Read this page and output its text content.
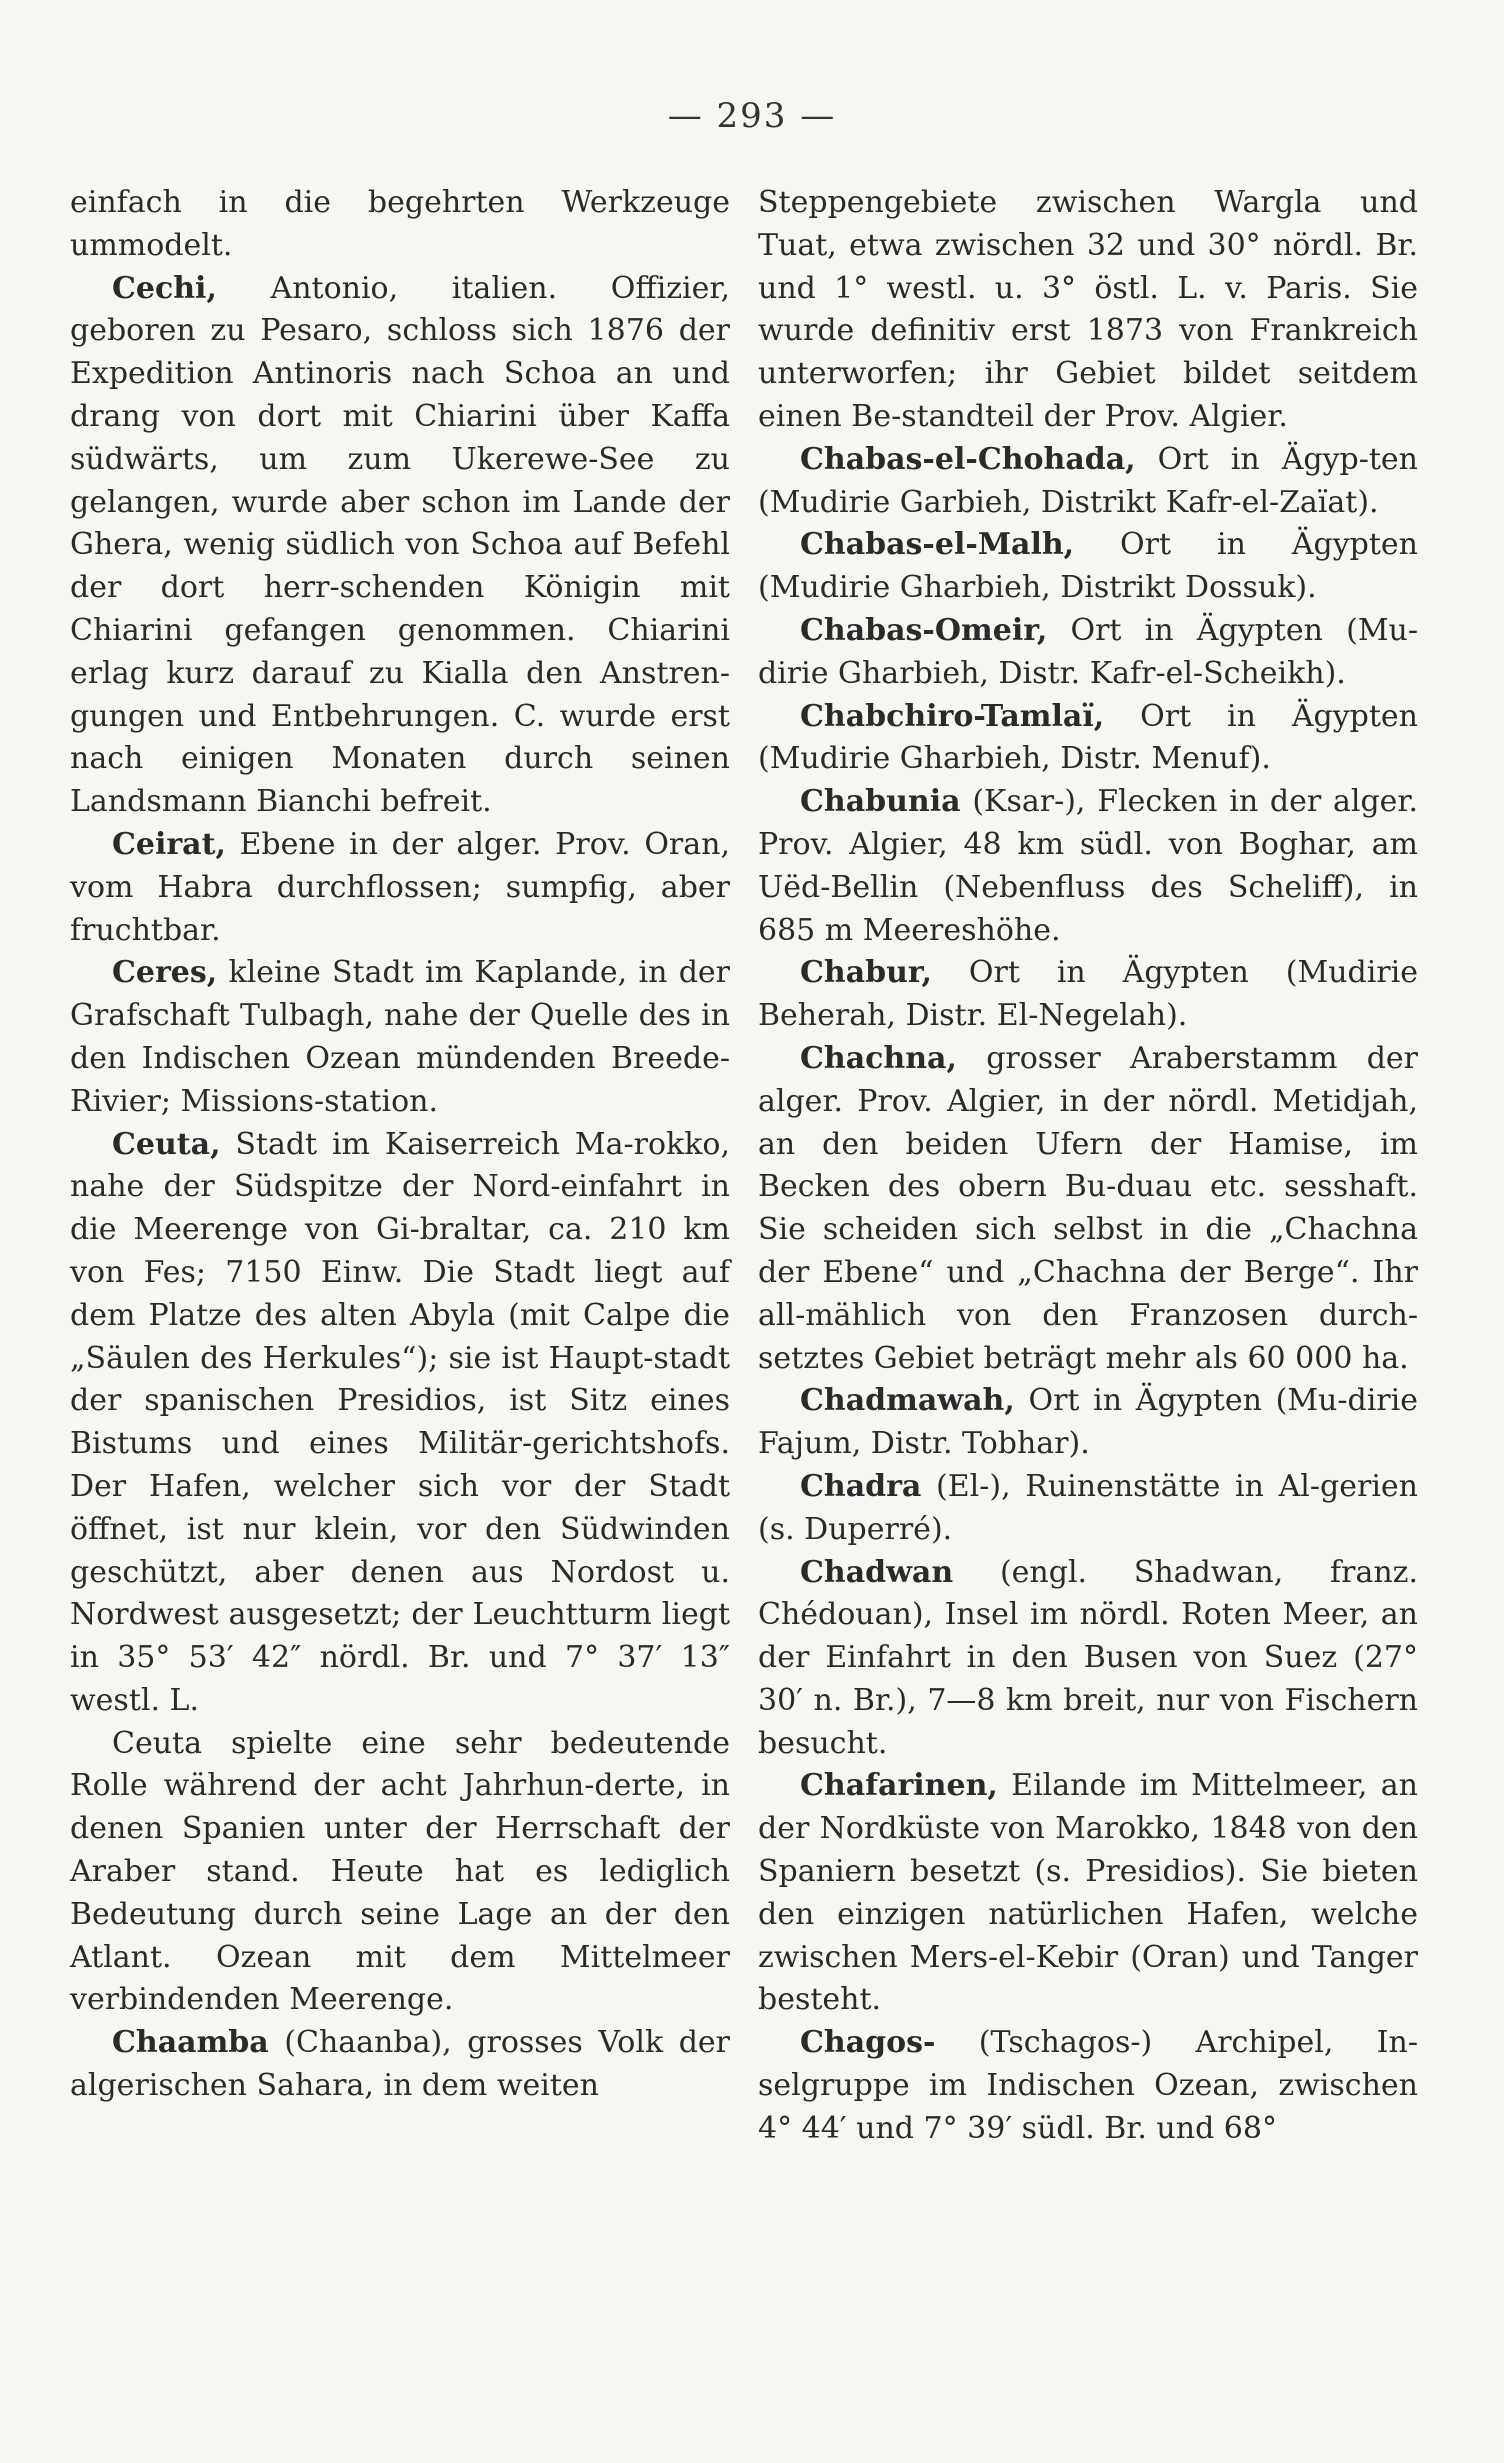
— 293 —

einfach in die begehrten Werkzeuge ummodelt.

Cechi, Antonio, italien. Offizier, geboren zu Pesaro, schloss sich 1876 der Expedition Antinoris nach Schoa an und drang von dort mit Chiarini über Kaffa südwärts, um zum Ukerewe-See zu gelangen, wurde aber schon im Lande der Ghera, wenig südlich von Schoa auf Befehl der dort herr-schenden Königin mit Chiarini gefangen genommen. Chiarini erlag kurz darauf zu Kialla den Anstren-gungen und Entbehrungen. C. wurde erst nach einigen Monaten durch seinen Landsmann Bianchi befreit.

Ceirat, Ebene in der alger. Prov. Oran, vom Habra durchflossen; sumpfig, aber fruchtbar.

Ceres, kleine Stadt im Kaplande, in der Grafschaft Tulbagh, nahe der Quelle des in den Indischen Ozean mündenden Breede-Rivier; Missions-station.

Ceuta, Stadt im Kaiserreich Ma-rokko, nahe der Südspitze der Nord-einfahrt in die Meerenge von Gi-braltar, ca. 210 km von Fes; 7150 Einw. Die Stadt liegt auf dem Platze des alten Abyla (mit Calpe die „Säulen des Herkules“); sie ist Haupt-stadt der spanischen Presidios, ist Sitz eines Bistums und eines Militär-gerichtshofs. Der Hafen, welcher sich vor der Stadt öffnet, ist nur klein, vor den Südwinden geschützt, aber denen aus Nordost u. Nordwest ausgesetzt; der Leuchtturm liegt in 35° 53′ 42″ nördl. Br. und 7° 37′ 13″ westl. L.

Ceuta spielte eine sehr bedeutende Rolle während der acht Jahrhun-derte, in denen Spanien unter der Herrschaft der Araber stand. Heute hat es lediglich Bedeutung durch seine Lage an der den Atlant. Ozean mit dem Mittelmeer verbindenden Meerenge.

Chaamba (Chaanba), grosses Volk der algerischen Sahara, in dem weiten

Steppengebiete zwischen Wargla und Tuat, etwa zwischen 32 und 30° nördl. Br. und 1° westl. u. 3° östl. L. v. Paris. Sie wurde definitiv erst 1873 von Frankreich unterworfen; ihr Gebiet bildet seitdem einen Be-standteil der Prov. Algier.

Chabas-el-Chohada, Ort in Ägyp-ten (Mudirie Garbieh, Distrikt Kafr-el-Zaïat).

Chabas-el-Malh, Ort in Ägypten (Mudirie Gharbieh, Distrikt Dossuk).

Chabas-Omeir, Ort in Ägypten (Mu-dirie Gharbieh, Distr. Kafr-el-Scheikh).

Chabchiro-Tamlaï, Ort in Ägypten (Mudirie Gharbieh, Distr. Menuf).

Chabunia (Ksar-), Flecken in der alger. Prov. Algier, 48 km südl. von Boghar, am Uëd-Bellin (Nebenfluss des Scheliff), in 685 m Meereshöhe.

Chabur, Ort in Ägypten (Mudirie Beherah, Distr. El-Negelah).

Chachna, grosser Araberstamm der alger. Prov. Algier, in der nördl. Metidjah, an den beiden Ufern der Hamise, im Becken des obern Bu-duau etc. sesshaft. Sie scheiden sich selbst in die „Chachna der Ebene“ und „Chachna der Berge“. Ihr all-mählich von den Franzosen durch-setztes Gebiet beträgt mehr als 60 000 ha.

Chadmawah, Ort in Ägypten (Mu-dirie Fajum, Distr. Tobhar).

Chadra (El-), Ruinenstätte in Al-gerien (s. Duperré).

Chadwan (engl. Shadwan, franz. Chédouan), Insel im nördl. Roten Meer, an der Einfahrt in den Busen von Suez (27° 30′ n. Br.), 7—8 km breit, nur von Fischern besucht.

Chafarinen, Eilande im Mittelmeer, an der Nordküste von Marokko, 1848 von den Spaniern besetzt (s. Presidios). Sie bieten den einzigen natürlichen Hafen, welche zwischen Mers-el-Kebir (Oran) und Tanger besteht.

Chagos- (Tschagos-) Archipel, In-selgruppe im Indischen Ozean, zwischen 4° 44′ und 7° 39′ südl. Br. und 68°
